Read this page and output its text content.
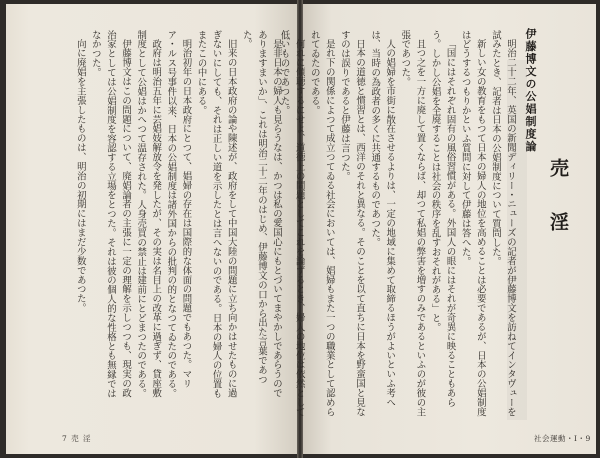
是非日本の婦人も見らうなは、かつは私の愛国心にもとづいてまやかしであらうのでありますまいか」、これは明治二十二年のはじめ、伊藤博文の口から出た言葉であつた。

旧来の日本政府の論や陳述が、政府をして中国大陸の問題に立ち向かはせたものに過ぎないにしても、それは正しい道を示したとは言へないのである。日本の婦人の位置もまたこの中にある。

明治初年の日本政府にとつて、娼婦の存在は国際的な体面の問題でもあつた。マリア・ルス号事件以来、日本の公娼制度は諸外国からの批判の的となつてゐたのである。

政府は明治五年に芸娼妓解放令を発したが、その実は名目上の改革に過ぎず、貸座敷制度として公娼はかへつて温存された。人身売買の禁止は建前にとどまつたのである。

伊藤博文はこの問題について、廃娼論者の主張に一定の理解を示しつつも、現実の政治家としては公娼制度を容認する立場をとつた。それは彼の個人的な性格とも無縁ではなかつた。

向に廃娼を主張したものは、明治の初期にはまだ少数であつた。

7 売 淫
売 淫
伊藤博文の公娼制度論

明治二十二年、英国の新聞ディリー・ニューズの記者が伊藤博文を訪ねてインタヴューを試みたとき、記者は日本の公娼制度について質問した。

新しい女の教育をもつて日本の婦人の地位を高めることは必要であるが、日本の公娼制度はどうするつもりかといふ質問に対して伊藤は答へた。

「国にはそれぞれ固有の風俗習慣がある。外国人の眼にはそれが奇異に映ることもあらう。しかし公娼を全廃することは社会の秩序を乱すおそれがある」と。

且つ之を一方に廃して置くならば、却つて私娼の弊害を増すのみであるといふのが彼の主張であつた。

人の娼婦を市街に散在させるよりは、一定の地域に集めて取締るほうがよいといふ考へは、当時の為政者の多くに共通するものであつた。

日本の道徳と慣習とは、西洋のそれと異なる。そのことを以て直ちに日本を野蛮国と見なすのは誤りであると伊藤は言つた。

是れ下の関係によつて成立つてゐる社会においては、娼婦もまた一つの職業として認められてゐたのである。

何れに傾聴するにせよ、道徳上の問題としてこれを論ずるとき、婦人の地位は依然として低いものであつた。

社会運動・I・9
